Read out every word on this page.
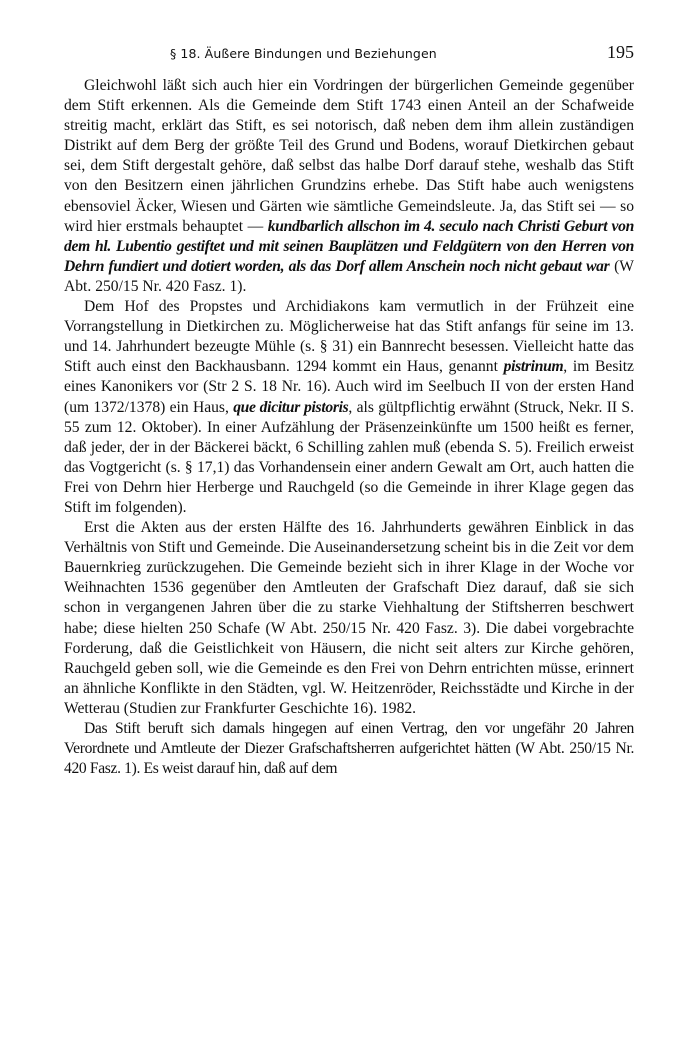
§ 18. Äußere Bindungen und Beziehungen	195

Gleichwohl läßt sich auch hier ein Vordringen der bürgerlichen Gemeinde gegenüber dem Stift erkennen. Als die Gemeinde dem Stift 1743 einen Anteil an der Schafweide streitig macht, erklärt das Stift, es sei notorisch, daß neben dem ihm allein zuständigen Distrikt auf dem Berg der größte Teil des Grund und Bodens, worauf Dietkirchen gebaut sei, dem Stift dergestalt gehöre, daß selbst das halbe Dorf darauf stehe, weshalb das Stift von den Besitzern einen jährlichen Grundzins erhebe. Das Stift habe auch wenigstens ebensoviel Äcker, Wiesen und Gärten wie sämtliche Gemeindsleute. Ja, das Stift sei — so wird hier erstmals behauptet — kundbarlich allschon im 4. seculo nach Christi Geburt von dem hl. Lubentio gestiftet und mit seinen Bauplätzen und Feldgütern von den Herren von Dehrn fundiert und dotiert worden, als das Dorf allem Anschein noch nicht gebaut war (W Abt. 250/15 Nr. 420 Fasz. 1).

Dem Hof des Propstes und Archidiakons kam vermutlich in der Frühzeit eine Vorrangstellung in Dietkirchen zu. Möglicherweise hat das Stift anfangs für seine im 13. und 14. Jahrhundert bezeugte Mühle (s. § 31) ein Bannrecht besessen. Vielleicht hatte das Stift auch einst den Backhausbann. 1294 kommt ein Haus, genannt pistrinum, im Besitz eines Kanonikers vor (Str 2 S. 18 Nr. 16). Auch wird im Seelbuch II von der ersten Hand (um 1372/1378) ein Haus, que dicitur pistoris, als gültpflichtig erwähnt (Struck, Nekr. II S. 55 zum 12. Oktober). In einer Aufzählung der Präsenzeinkünfte um 1500 heißt es ferner, daß jeder, der in der Bäckerei bäckt, 6 Schilling zahlen muß (ebenda S. 5). Freilich erweist das Vogtgericht (s. § 17,1) das Vorhandensein einer andern Gewalt am Ort, auch hatten die Frei von Dehrn hier Herberge und Rauchgeld (so die Gemeinde in ihrer Klage gegen das Stift im folgenden).

Erst die Akten aus der ersten Hälfte des 16. Jahrhunderts gewähren Einblick in das Verhältnis von Stift und Gemeinde. Die Auseinandersetzung scheint bis in die Zeit vor dem Bauernkrieg zurückzugehen. Die Gemeinde bezieht sich in ihrer Klage in der Woche vor Weihnachten 1536 gegenüber den Amtleuten der Grafschaft Diez darauf, daß sie sich schon in vergangenen Jahren über die zu starke Viehhaltung der Stiftsherren beschwert habe; diese hielten 250 Schafe (W Abt. 250/15 Nr. 420 Fasz. 3). Die dabei vorgebrachte Forderung, daß die Geistlichkeit von Häusern, die nicht seit alters zur Kirche gehören, Rauchgeld geben soll, wie die Gemeinde es den Frei von Dehrn entrichten müsse, erinnert an ähnliche Konflikte in den Städten, vgl. W. Heitzenröder, Reichsstädte und Kirche in der Wetterau (Studien zur Frankfurter Geschichte 16). 1982.

Das Stift beruft sich damals hingegen auf einen Vertrag, den vor ungefähr 20 Jahren Verordnete und Amtleute der Diezer Grafschaftsherren aufgerichtet hätten (W Abt. 250/15 Nr. 420 Fasz. 1). Es weist darauf hin, daß auf dem
